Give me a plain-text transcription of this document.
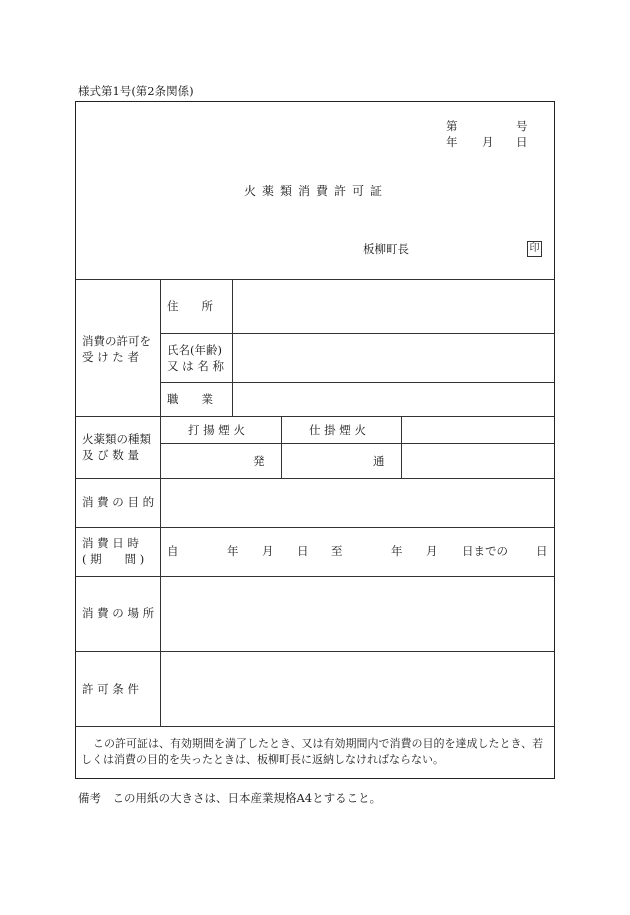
様式第1号(第2条関係)
第	号
年 月 日
火薬類消費許可証
板柳町長	印
消費の許可を
受 け た 者
住　　所
氏名(年齢)
又 は 名 称
職　　業
火薬類の種類
及 び 数 量
打 揚 煙 火	仕 掛 煙 火
発	通
消 費 の 目 的
消 費 日 時
( 期　　間 )
自	年 月 日 至	年 月 日までの 日
消 費 の 場 所
許 可 条 件
この許可証は、有効期間を満了したとき、又は有効期間内で消費の目的を達成したとき、若しくは消費の目的を失ったときは、板柳町長に返納しなければならない。
備考　この用紙の大きさは、日本産業規格A4とすること。
